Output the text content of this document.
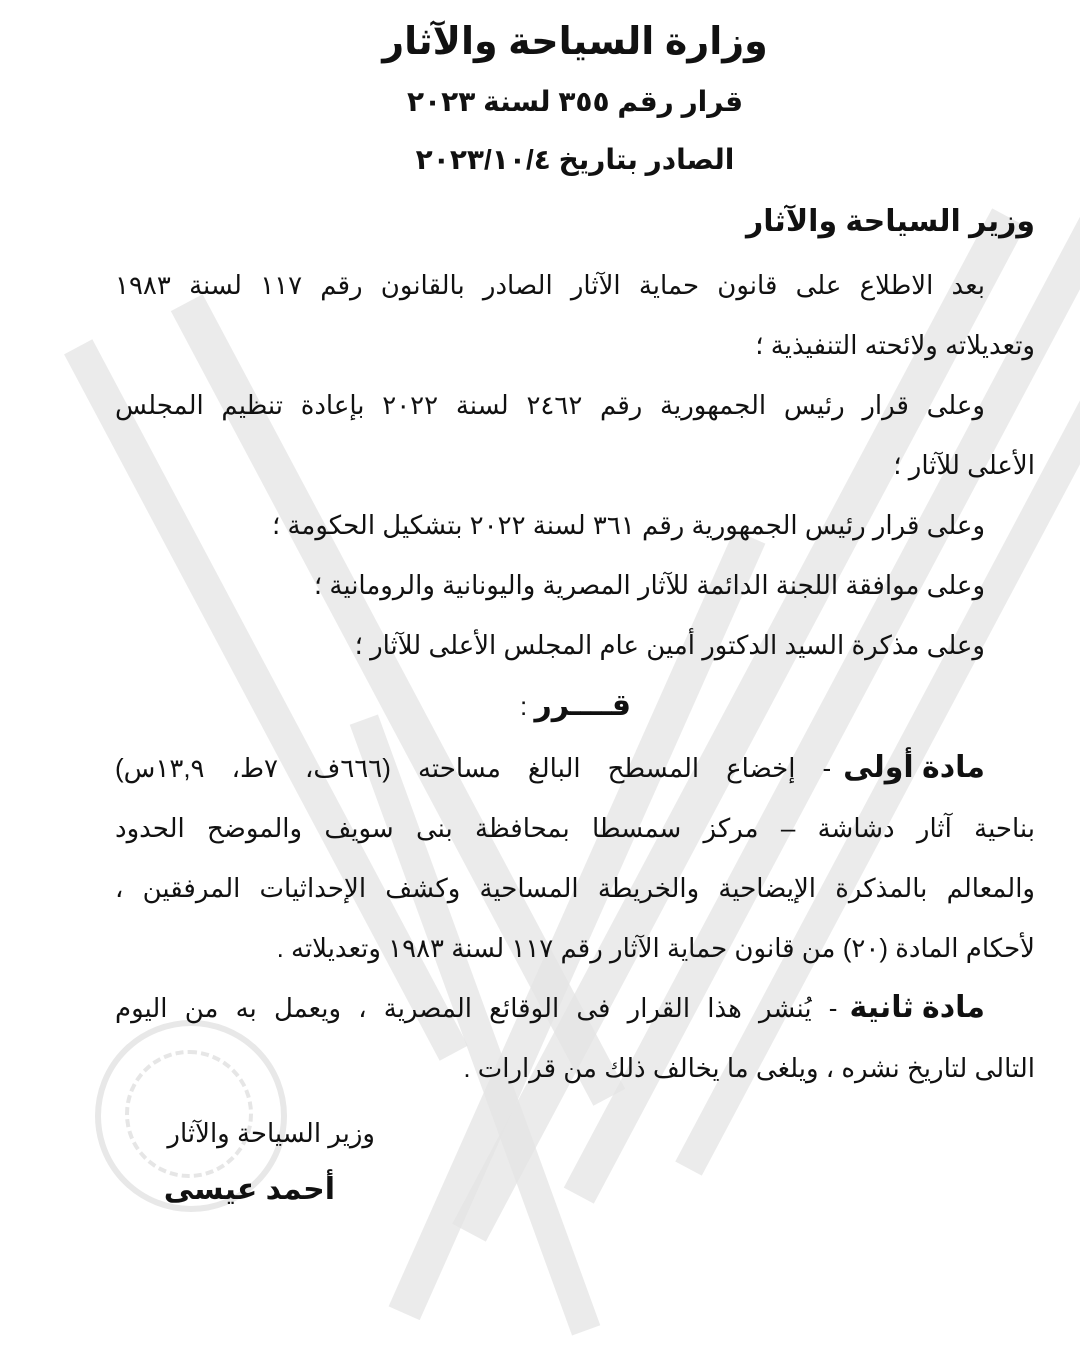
وزارة السياحة والآثار
قرار رقم ٣٥٥ لسنة ٢٠٢٣
الصادر بتاريخ ٢٠٢٣/١٠/٤
وزير السياحة والآثار
بعد الاطلاع على قانون حماية الآثار الصادر بالقانون رقم ١١٧ لسنة ١٩٨٣
وتعديلاته ولائحته التنفيذية ؛
وعلى قرار رئيس الجمهورية رقم ٢٤٦٢ لسنة ٢٠٢٢ بإعادة تنظيم المجلس
الأعلى للآثار ؛
وعلى قرار رئيس الجمهورية رقم ٣٦١ لسنة ٢٠٢٢ بتشكيل الحكومة ؛
وعلى موافقة اللجنة الدائمة للآثار المصرية واليونانية والرومانية ؛
وعلى مذكرة السيد الدكتور أمين عام المجلس الأعلى للآثار ؛
قــــرر :
مادة أولى
- إخضاع المسطح البالغ مساحته (٦٦٦ف، ٧ط، ١٣,٩س)
بناحية آثار دشاشة – مركز سمسطا بمحافظة بنى سويف والموضح الحدود
والمعالم بالمذكرة الإيضاحية والخريطة المساحية وكشف الإحداثيات المرفقين ،
لأحكام المادة (٢٠) من قانون حماية الآثار رقم ١١٧ لسنة ١٩٨٣ وتعديلاته .
مادة ثانية
- يُنشر هذا القرار فى الوقائع المصرية ، ويعمل به من اليوم
التالى لتاريخ نشره ، ويلغى ما يخالف ذلك من قرارات .
وزير السياحة والآثار
أحمد عيسى
